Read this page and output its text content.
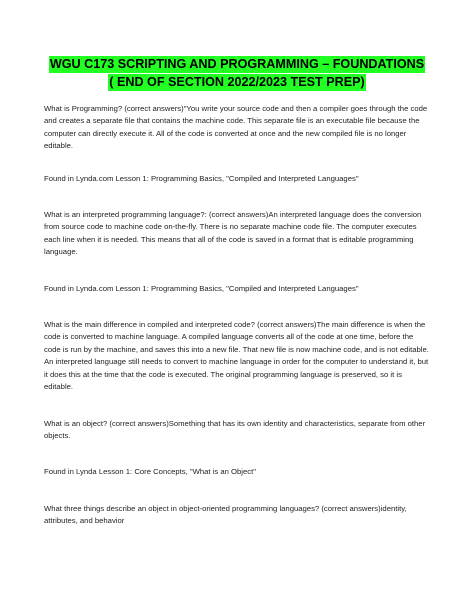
WGU C173 SCRIPTING AND PROGRAMMING – FOUNDATIONS
( END OF SECTION 2022/2023 TEST PREP)

What is Programming? (correct answers)"You write your source code and then a compiler goes through the code and creates a separate file that contains the machine code. This separate file is an executable file because the computer can directly execute it. All of the code is converted at once and the new compiled file is no longer editable.

Found in Lynda.com Lesson 1: Programming Basics, "Compiled and Interpreted Languages"

What is an interpreted programming language?: (correct answers)An interpreted language does the conversion from source code to machine code on-the-fly. There is no separate machine code file. The computer executes each line when it is needed. This means that all of the code is saved in a format that is editable programming language.

Found in Lynda.com Lesson 1: Programming Basics, "Compiled and Interpreted Languages"

What is the main difference in compiled and interpreted code? (correct answers)The main difference is when the code is converted to machine language. A compiled language converts all of the code at one time, before the code is run by the machine, and saves this into a new file. That new file is now machine code, and is not editable. An interpreted language still needs to convert to machine language in order for the computer to understand it, but it does this at the time that the code is executed. The original programming language is preserved, so it is editable.

What is an object? (correct answers)Something that has its own identity and characteristics, separate from other objects.

Found in Lynda Lesson 1: Core Concepts, "What is an Object"

What three things describe an object in object-oriented programming languages? (correct answers)identity, attributes, and behavior
